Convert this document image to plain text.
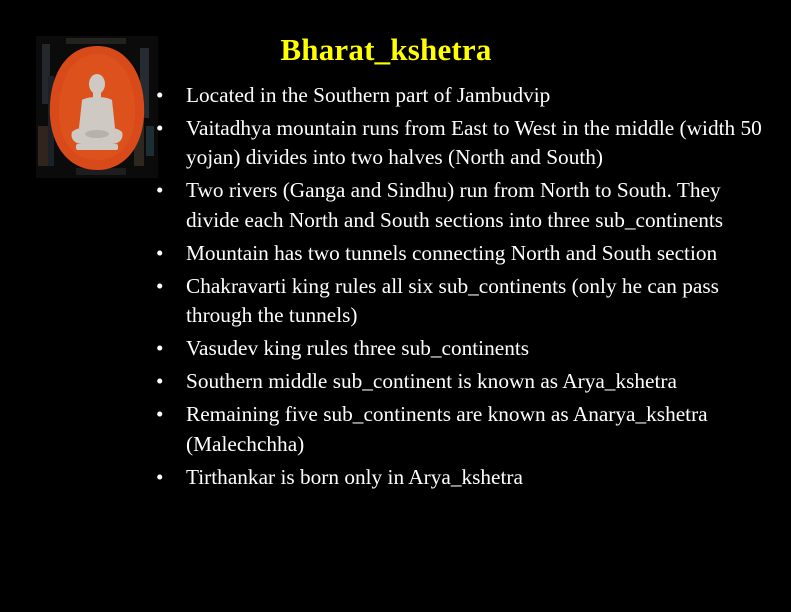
Bharat_kshetra
•	Located in the Southern part of Jambudvip
•	Vaitadhya mountain runs from East to West in the middle (width 50 yojan) divides into two halves (North and South)
•	Two rivers (Ganga and Sindhu) run from North to South. They divide each North and South sections into three sub_continents
•	Mountain has two tunnels connecting North and South section
•	Chakravarti king rules all six sub_continents (only he can pass through the tunnels)
•	Vasudev king rules three sub_continents
•	Southern middle sub_continent is known as Arya_kshetra
•	Remaining five sub_continents are known as Anarya_kshetra (Malechchha)
•	Tirthankar is born only in Arya_kshetra
